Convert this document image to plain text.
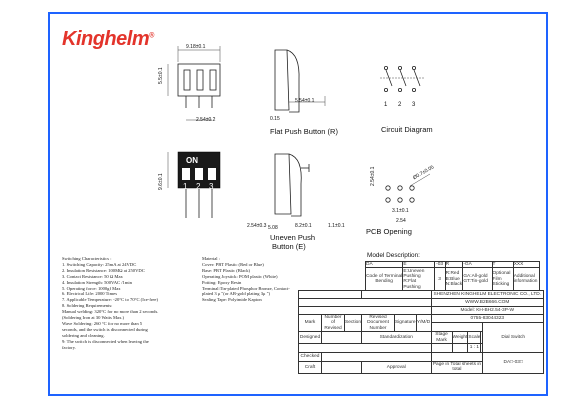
Kinghelm®
9.18±0.1
5.5±0.1
2.54±0.2
5.54±0.1
0.15
Flat Push Button (R)
1 2 3
Circuit Diagram
ON
1 2 3
9.6±0.1
2.54±0.3 5.08	8.2±0.1	1.1±0.1
Uneven Push
Button (E)
2.54±0.1	Ø0.7±0.05
3.1±0.1
2.54
PCB Opening
Switching Characteristics :
1. Switching Capacity: 25mA at 24VDC
2. Insulation Resistance: 100MΩ at 250VDC
3. Contact Resistance: 50 Ω Max
4. Insulation Strength: 500VAC /1min
5. Operating force: 1000gf Max
6. Electrical Life: 2000 Times
7. Applicable Temperature: -20°C to 70°C (Ice-free)
8. Soldering Requirements:
Manual welding: 320°C for no more than 2 seconds.
(Soldering Iron at 30 Watts Max.)
Wave Soldering: 260 °C for no more than 5
seconds, and the switch is disconnected during
soldering and cleaning.
9: The switch is disconnected when leaving the
factory.
Material :
Cover: PBT Plastic (Red or Blue)
Base: PBT Plastic (Black)
Operating Joystick: POM plastic (White)
Potting: Epoxy Resin
Terminal:Tin-plated Phosphor Bronze, Contact-
plated 3 μ "(or AB-gold plating 3μ ")
Sealing Tape: Polyimide Kapton
Model Description:
DA	E	-03	R	-GA	T	XXX
Code of Terminal Bending	E:Uneven Pushing R:Flat Pushing	3	R:Red B:Blue N:Black	GA:All-gold GT:Tin-gold	Optional Film Sticking	Additional information
						SHENZHEN KINGHELM ELECTRONIC CO., LTD.				
						WWW.B2B666.COM				
						Model: KH-BH2.54-3P-W				
Mark	Number of Revised	Section	Revised Document Number	Signature	Y/M/D	0755-83044323				
										Dial Switch
Designed			Standardization			Stage Mark	Weight	Scale		
								1 : 1		
Checked										DA□-03□
Craft			Approval			Page in Total sheets in total				
